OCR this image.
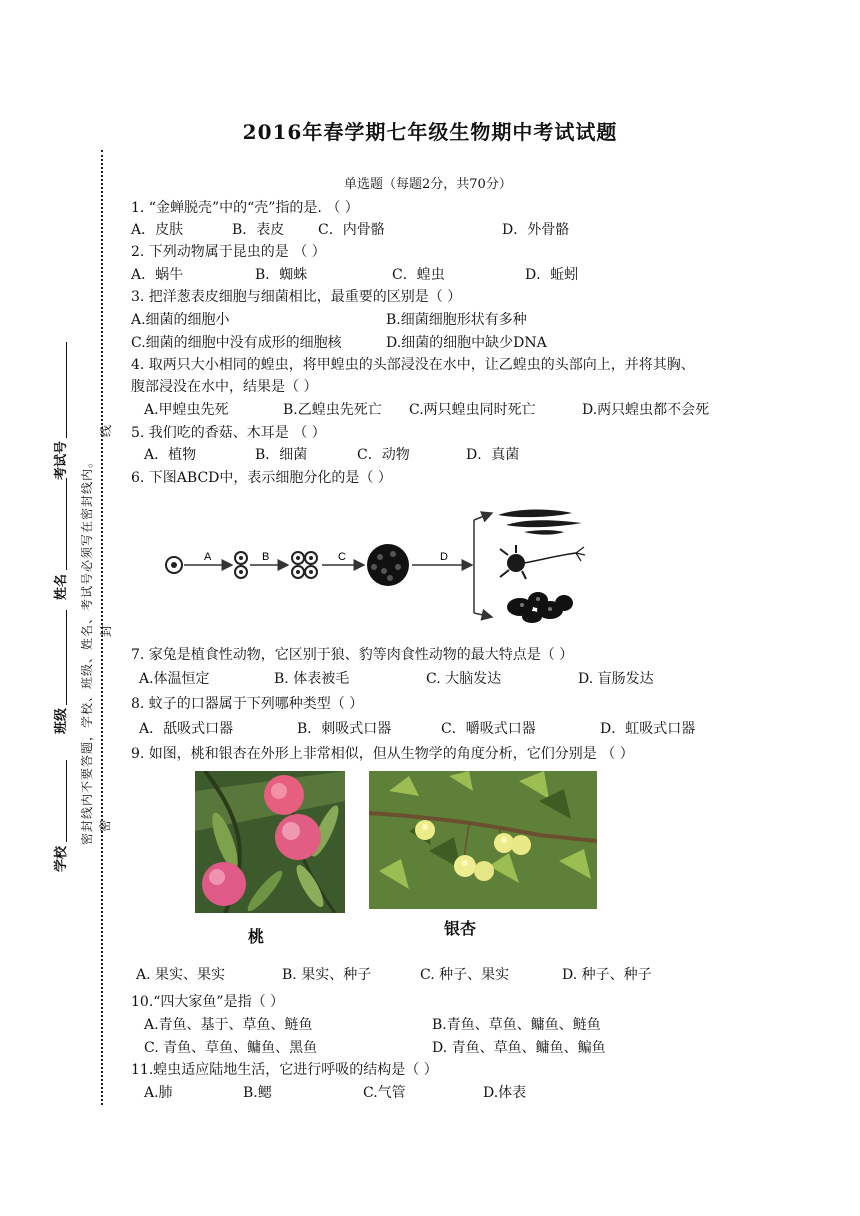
2016年春学期七年级生物期中考试试题
密封线内不要答题，学校、班级、姓名、考试号必须写在密封线内。 密
封
线
学校
班级
姓名
考试号
单选题（每题2分，共70分）
1. “金蝉脱壳”中的“壳”指的是. （ ）
A．皮肤	B．表皮 C．内骨骼	D．外骨骼
2. 下列动物属于昆虫的是 （ ）
A．蜗牛	B．蜘蛛	C．蝗虫	D．蚯蚓
3. 把洋葱表皮细胞与细菌相比，最重要的区别是（ ）
A.细菌的细胞小	B.细菌细胞形状有多种
C.细菌的细胞中没有成形的细胞核	D.细菌的细胞中缺少DNA
4. 取两只大小相同的蝗虫，将甲蝗虫的头部浸没在水中，让乙蝗虫的头部向上，并将其胸、
腹部浸没在水中，结果是（ ）
A.甲蝗虫先死	B.乙蝗虫先死亡 C.两只蝗虫同时死亡	D.两只蝗虫都不会死
5. 我们吃的香菇、木耳是 （ ）
A．植物	B．细菌	C．动物	D．真菌
6. 下图ABCD中，表示细胞分化的是（ ）
A	B	C	D
7. 家兔是植食性动物，它区别于狼、豹等肉食性动物的最大特点是（ ）
A.体温恒定	B. 体表被毛	C. 大脑发达	D. 盲肠发达
8. 蚊子的口器属于下列哪种类型（ ）
A．舐吸式口器	B．刺吸式口器	C．嚼吸式口器	D．虹吸式口器
9. 如图，桃和银杏在外形上非常相似，但从生物学的角度分析，它们分别是 （ ）
桃	银杏
A. 果实、果实	B. 果实、种子	C. 种子、果实	D. 种子、种子
10.“四大家鱼”是指（ ）
A.青鱼、基于、草鱼、鲢鱼	B.青鱼、草鱼、鳙鱼、鲢鱼
C. 青鱼、草鱼、鳙鱼、黑鱼	D. 青鱼、草鱼、鳙鱼、鳊鱼
11.蝗虫适应陆地生活，它进行呼吸的结构是（ ）
A.肺	B.鳃	C.气管	D.体表
